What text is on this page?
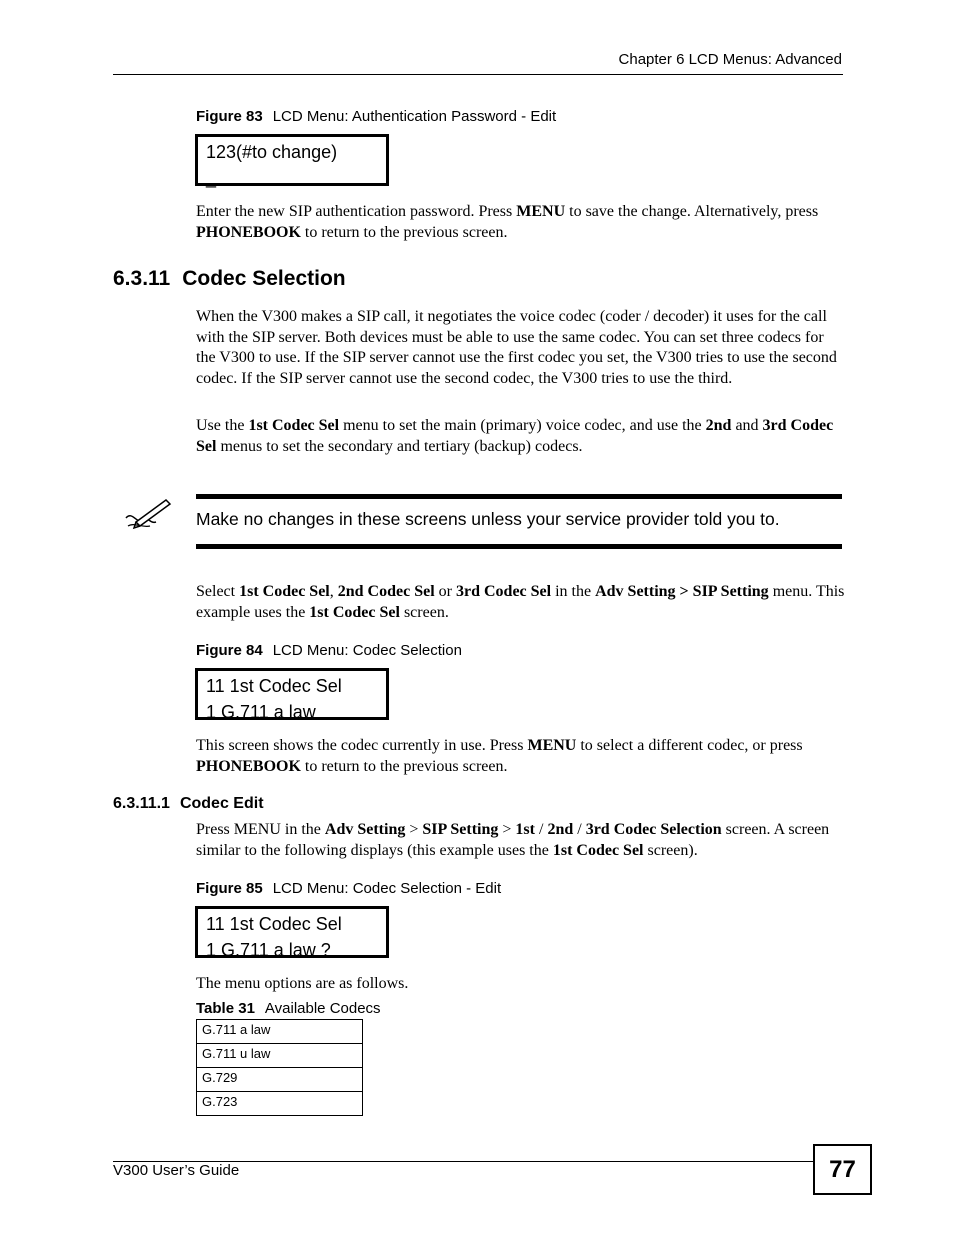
Chapter 6 LCD Menus: Advanced
Figure 83 LCD Menu: Authentication Password - Edit
123(#to change)
_
Enter the new SIP authentication password. Press MENU to save the change. Alternatively, press PHONEBOOK to return to the previous screen.
6.3.11 Codec Selection
When the V300 makes a SIP call, it negotiates the voice codec (coder / decoder) it uses for the call with the SIP server. Both devices must be able to use the same codec. You can set three codecs for the V300 to use. If the SIP server cannot use the first codec you set, the V300 tries to use the second codec. If the SIP server cannot use the second codec, the V300 tries to use the third.
Use the 1st Codec Sel menu to set the main (primary) voice codec, and use the 2nd and 3rd Codec Sel menus to set the secondary and tertiary (backup) codecs.
Make no changes in these screens unless your service provider told you to.
Select 1st Codec Sel, 2nd Codec Sel or 3rd Codec Sel in the Adv Setting > SIP Setting menu. This example uses the 1st Codec Sel screen.
Figure 84 LCD Menu: Codec Selection
11 1st Codec Sel
1 G.711 a law
This screen shows the codec currently in use. Press MENU to select a different codec, or press PHONEBOOK to return to the previous screen.
6.3.11.1 Codec Edit
Press MENU in the Adv Setting > SIP Setting > 1st / 2nd / 3rd Codec Selection screen. A screen similar to the following displays (this example uses the 1st Codec Sel screen).
Figure 85 LCD Menu: Codec Selection - Edit
11 1st Codec Sel
1 G.711 a law ?
The menu options are as follows.
Table 31 Available Codecs
G.711 a law
G.711 u law
G.729
G.723
V300 User’s Guide	77
